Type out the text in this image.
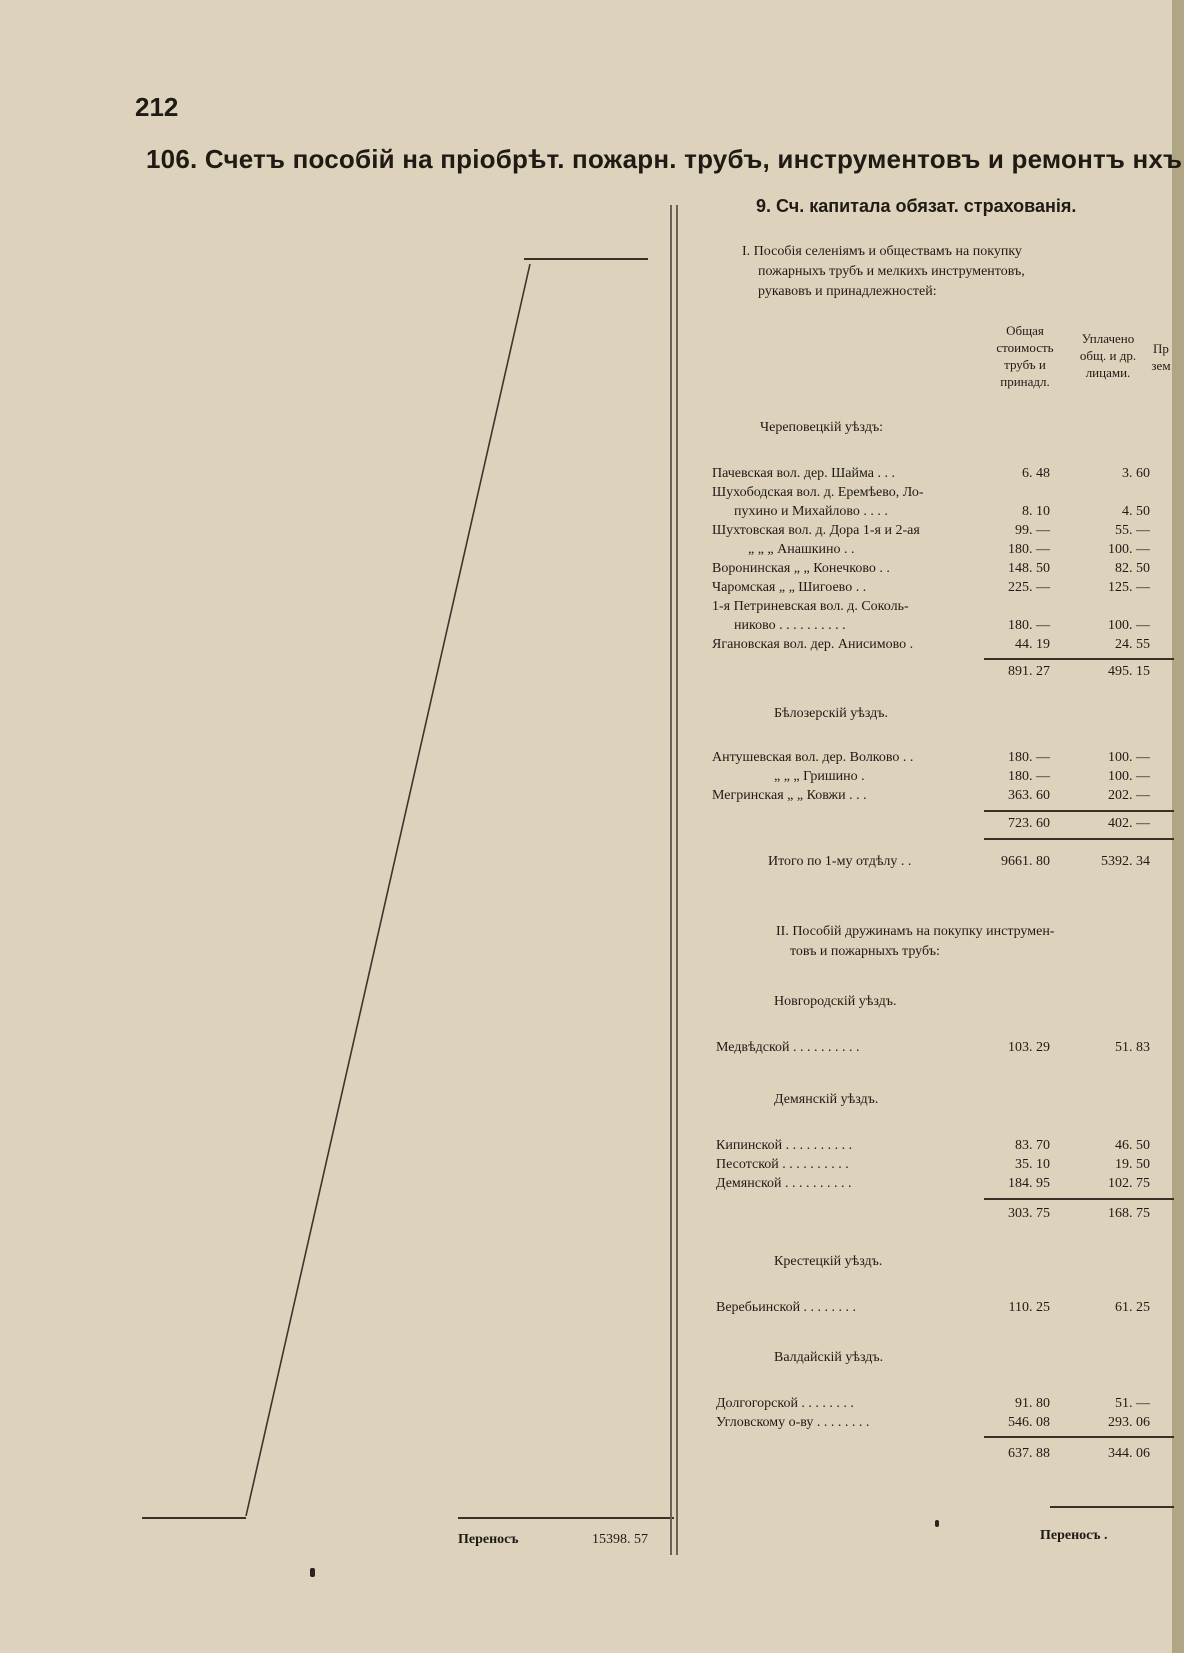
212
106. Счетъ пособій на пріобрѣт. пожарн. трубъ, инструментовъ и ремонтъ нхъ
Переносъ	15398. 57
9. Сч. капитала обязат. страхованія.
I. Пособія селеніямъ и обществамъ на покупку
пожарныхъ трубъ и мелкихъ инструментовъ,
рукавовъ и принадлежностей:
Общая
стоимость
трубъ и
принадл.
Уплачено
общ. и др.
лицами.
Пр
зем
Череповецкій уѣздъ:
Пачевская вол. дер. Шайма . . .	6. 48	3. 60
Шухободская вол. д. Еремѣево, Ло-
пухино и Михайлово . . . .	8. 10	4. 50
Шухтовская вол. д. Дора 1-я и 2-ая	99. —	55. —
„ „ „ Анашкино . .	180. —	100. —
Воронинская „ „ Конечково . .	148. 50	82. 50
Чаромская „ „ Шигоево . .	225. —	125. —
1-я Петриневская вол. д. Соколь-
никово . . . . . . . . . .	180. —	100. —
Ягановская вол. дер. Анисимово .	44. 19	24. 55
891. 27	495. 15
Бѣлозерскій уѣздъ.
Антушевская вол. дер. Волково . .	180. —	100. —
„ „ „ Гришино .	180. —	100. —
Мегринская „ „ Ковжи . . .	363. 60	202. —
723. 60	402. —
Итого по 1-му отдѣлу . .	9661. 80	5392. 34
II. Пособій дружинамъ на покупку инструмен-
товъ и пожарныхъ трубъ:
Новгородскій уѣздъ.
Медвѣдской . . . . . . . . . .	103. 29	51. 83
Демянскій уѣздъ.
Кипинской . . . . . . . . . .	83. 70	46. 50
Песотской . . . . . . . . . .	35. 10	19. 50
Демянской . . . . . . . . . .	184. 95	102. 75
303. 75	168. 75
Крестецкій уѣздъ.
Веребьинской . . . . . . . .	110. 25	61. 25
Валдайскій уѣздъ.
Долгогорской . . . . . . . .	91. 80	51. —
Угловскому о-ву . . . . . . . .	546. 08	293. 06
637. 88	344. 06
Переносъ .
